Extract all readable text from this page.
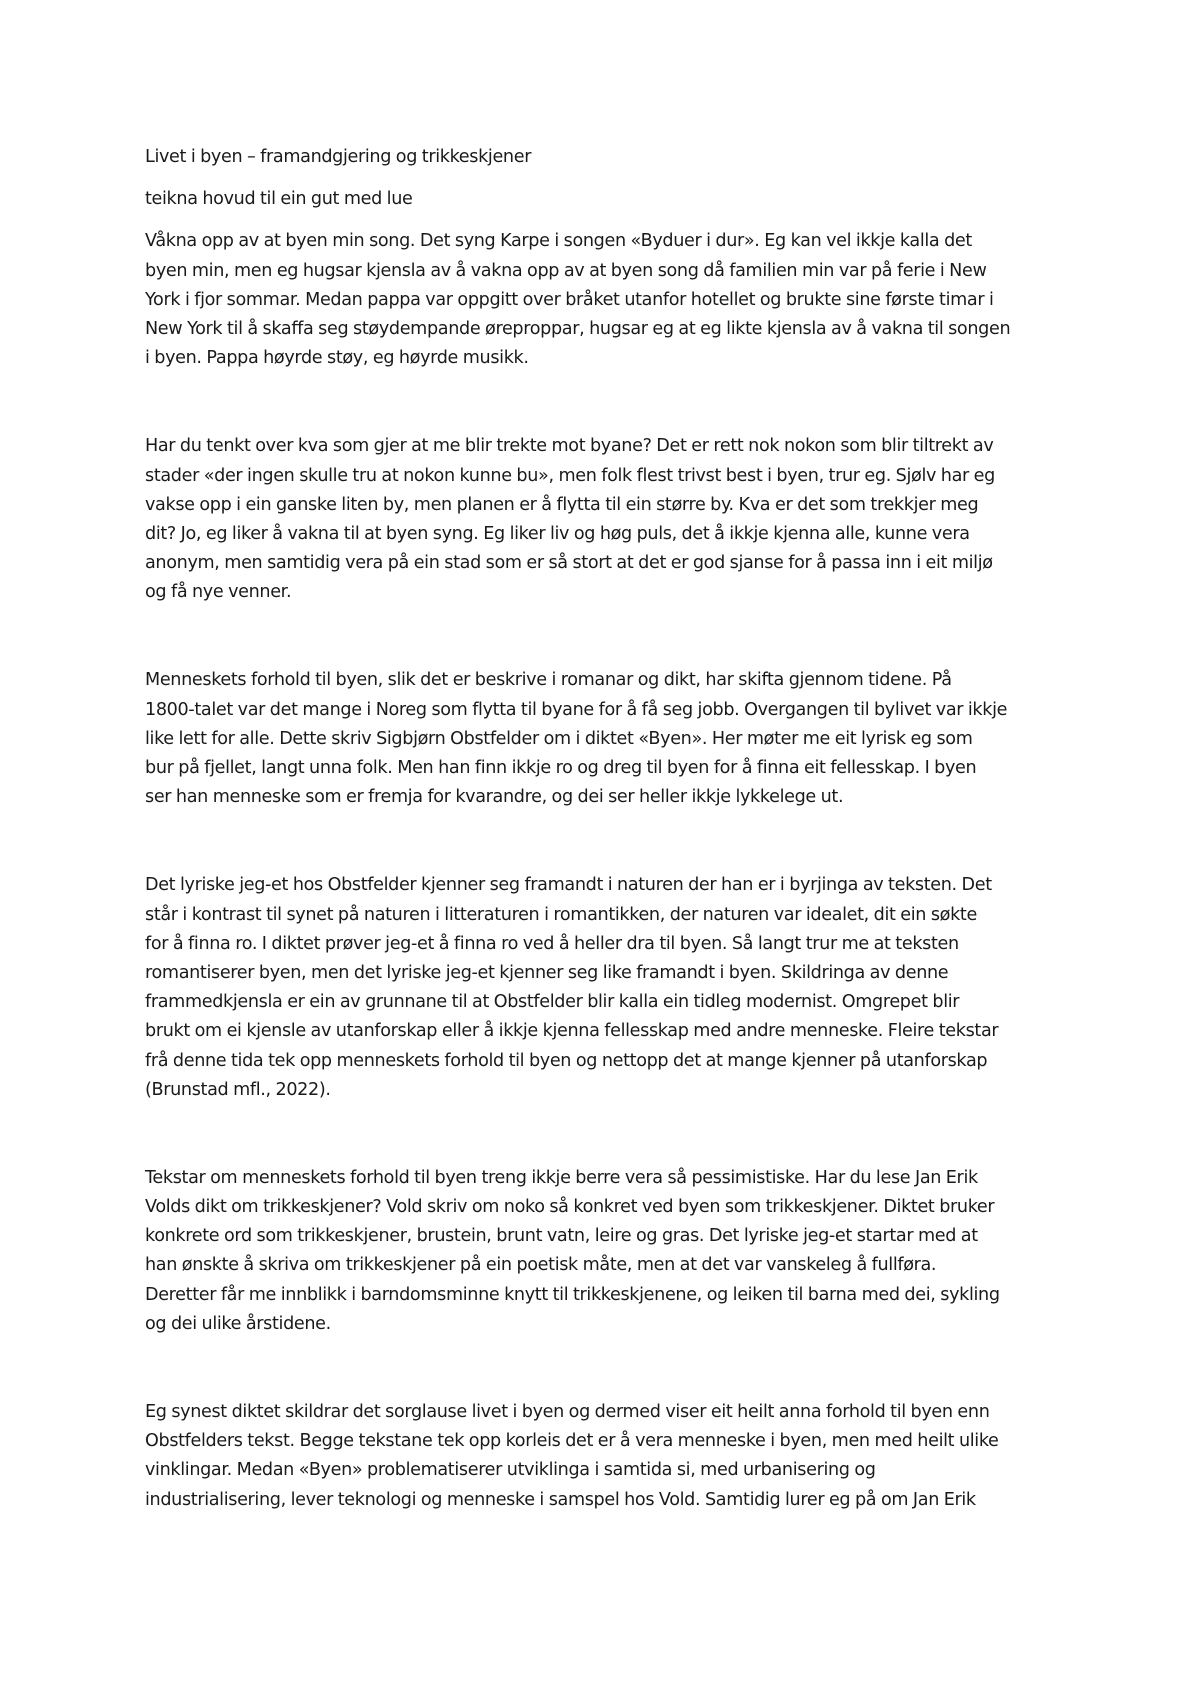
Livet i byen – framandgjering og trikkeskjener
teikna hovud til ein gut med lue
Våkna opp av at byen min song. Det syng Karpe i songen «Byduer i dur». Eg kan vel ikkje kalla det
byen min, men eg hugsar kjensla av å vakna opp av at byen song då familien min var på ferie i New
York i fjor sommar. Medan pappa var oppgitt over bråket utanfor hotellet og brukte sine første timar i
New York til å skaffa seg støydempande øreproppar, hugsar eg at eg likte kjensla av å vakna til songen
i byen. Pappa høyrde støy, eg høyrde musikk.
Har du tenkt over kva som gjer at me blir trekte mot byane? Det er rett nok nokon som blir tiltrekt av
stader «der ingen skulle tru at nokon kunne bu», men folk flest trivst best i byen, trur eg. Sjølv har eg
vakse opp i ein ganske liten by, men planen er å flytta til ein større by. Kva er det som trekkjer meg
dit? Jo, eg liker å vakna til at byen syng. Eg liker liv og høg puls, det å ikkje kjenna alle, kunne vera
anonym, men samtidig vera på ein stad som er så stort at det er god sjanse for å passa inn i eit miljø
og få nye venner.
Menneskets forhold til byen, slik det er beskrive i romanar og dikt, har skifta gjennom tidene. På
1800-talet var det mange i Noreg som flytta til byane for å få seg jobb. Overgangen til bylivet var ikkje
like lett for alle. Dette skriv Sigbjørn Obstfelder om i diktet «Byen». Her møter me eit lyrisk eg som
bur på fjellet, langt unna folk. Men han finn ikkje ro og dreg til byen for å finna eit fellesskap. I byen
ser han menneske som er fremja for kvarandre, og dei ser heller ikkje lykkelege ut.
Det lyriske jeg-et hos Obstfelder kjenner seg framandt i naturen der han er i byrjinga av teksten. Det
står i kontrast til synet på naturen i litteraturen i romantikken, der naturen var idealet, dit ein søkte
for å finna ro. I diktet prøver jeg-et å finna ro ved å heller dra til byen. Så langt trur me at teksten
romantiserer byen, men det lyriske jeg-et kjenner seg like framandt i byen. Skildringa av denne
frammedkjensla er ein av grunnane til at Obstfelder blir kalla ein tidleg modernist. Omgrepet blir
brukt om ei kjensle av utanforskap eller å ikkje kjenna fellesskap med andre menneske. Fleire tekstar
frå denne tida tek opp menneskets forhold til byen og nettopp det at mange kjenner på utanforskap
(Brunstad mfl., 2022).
Tekstar om menneskets forhold til byen treng ikkje berre vera så pessimistiske. Har du lese Jan Erik
Volds dikt om trikkeskjener? Vold skriv om noko så konkret ved byen som trikkeskjener. Diktet bruker
konkrete ord som trikkeskjener, brustein, brunt vatn, leire og gras. Det lyriske jeg-et startar med at
han ønskte å skriva om trikkeskjener på ein poetisk måte, men at det var vanskeleg å fullføra.
Deretter får me innblikk i barndomsminne knytt til trikkeskjenene, og leiken til barna med dei, sykling
og dei ulike årstidene.
Eg synest diktet skildrar det sorglause livet i byen og dermed viser eit heilt anna forhold til byen enn
Obstfelders tekst. Begge tekstane tek opp korleis det er å vera menneske i byen, men med heilt ulike
vinklingar. Medan «Byen» problematiserer utviklinga i samtida si, med urbanisering og
industrialisering, lever teknologi og menneske i samspel hos Vold. Samtidig lurer eg på om Jan Erik
